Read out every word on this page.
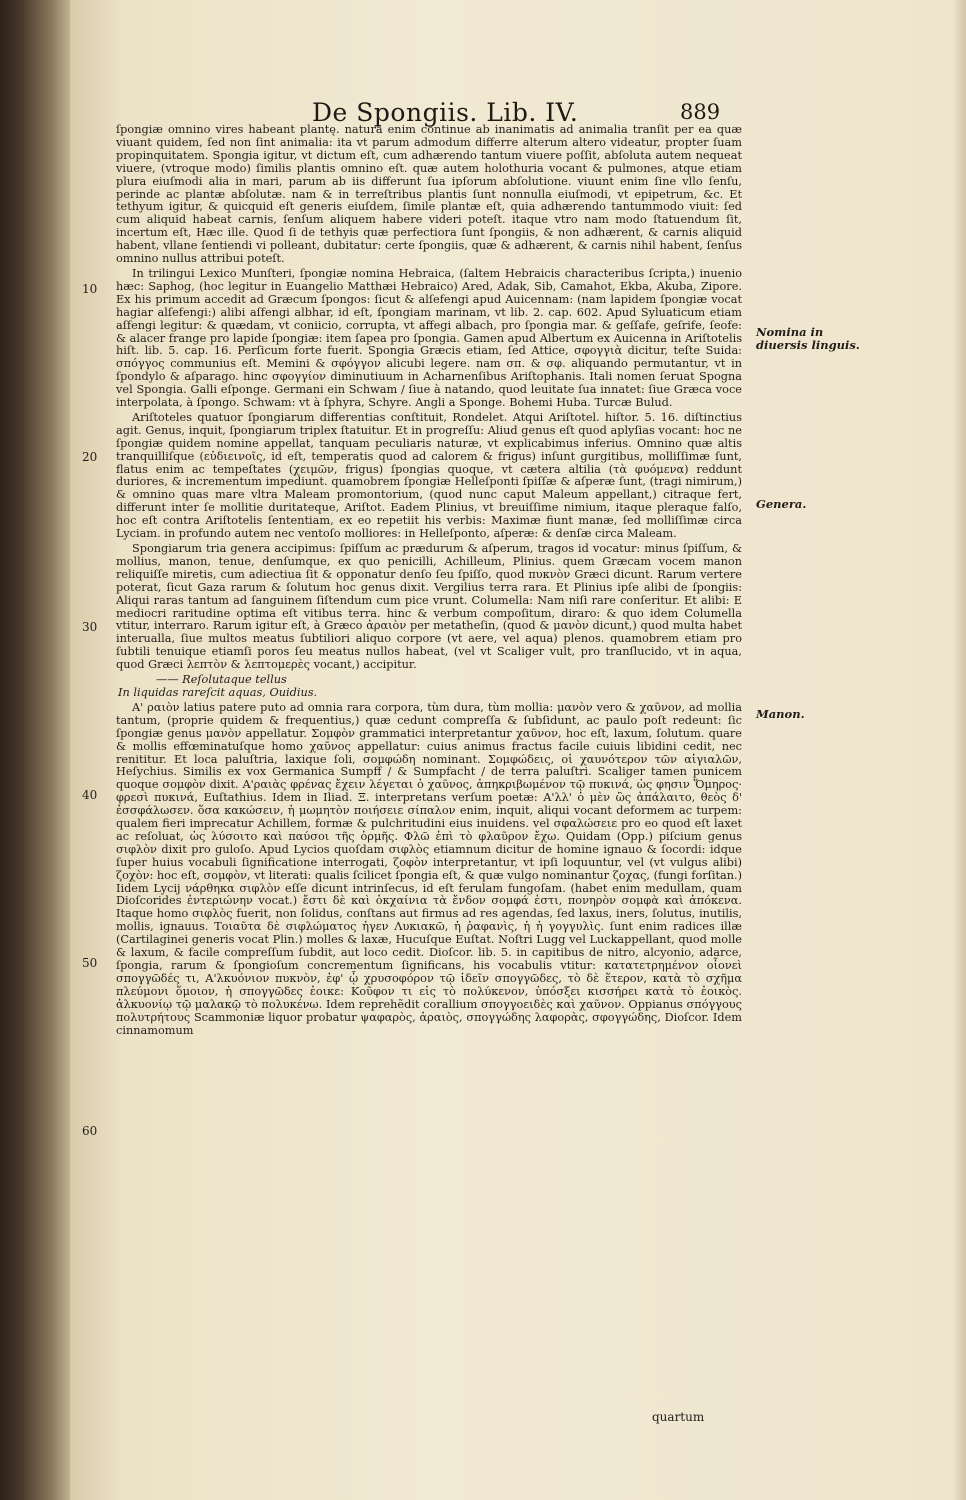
De Spongiis. Lib. IV.	889
10
20
30
40
50
60
Nomina in diuersis linguis.
Genera.
Manon.

ſpongiæ omnino vires habeant plantę. natura enim continue ab inanimatis ad animalia tranſit per ea quæ viuant quidem, ſed non ſint animalia: ita vt parum admodum differre alterum altero videatur, propter ſuam propinquitatem. Spongia igitur, vt dictum eſt, cum adhærendo tantum viuere poſſit, abſoluta autem nequeat viuere, (vtroque modo) ſimilis plantis omnino eſt. quæ autem holothuria vocant & pulmones, atque etiam plura eiuſmodi alia in mari, parum ab iis differunt ſua ipſorum abſolutione. viuunt enim ſine vllo ſenſu, perinde ac plantæ abſolutæ. nam & in terreſtribus plantis ſunt nonnulla eiuſmodi, vt epipetrum, &c. Et tethyum igitur, & quicquid eſt generis eiuſdem, ſimile plantæ eſt, quia adhærendo tantummodo viuit: ſed cum aliquid habeat carnis, ſenſum aliquem habere videri poteſt. itaque vtro nam modo ſtatuendum ſit, incertum eſt, Hæc ille. Quod ſi de tethyis quæ perfectiora ſunt ſpongiis, & non adhærent, & carnis aliquid habent, vllane ſentiendi vi polleant, dubitatur: certe ſpongiis, quæ & adhærent, & carnis nihil habent, ſenſus omnino nullus attribui poteſt.

In trilingui Lexico Munſteri, ſpongiæ nomina Hebraica, (ſaltem Hebraicis characteribus ſcripta,) inuenio hæc: Saphog, (hoc legitur in Euangelio Matthæi Hebraico) Ared, Adak, Sib, Camahot, Ekba, Akuba, Zipore. Ex his primum accedit ad Græcum ſpongos: ſicut & alſefengi apud Auicennam: (nam lapidem ſpongiæ vocat hagiar alſefengi:) alibi aſfengi albhar, id eſt, ſpongiam marinam, vt lib. 2. cap. 602. Apud Syluaticum etiam aſfengi legitur: & quædam, vt coniicio, corrupta, vt affegi albach, pro ſpongia mar. & geſſafe, geſrife, ſeofe: & alacer frange pro lapide ſpongiæ: item ſapea pro ſpongia. Gamen apud Albertum ex Auicenna in Ariſtotelis hiſt. lib. 5. cap. 16. Perſicum forte fuerit. Spongia Græcis etiam, ſed Attice, σφογγιὰ dicitur, teſte Suida: σπόγγος communius eſt. Memini & σφόγγον alicubi legere. nam σπ. & σφ. aliquando permutantur, vt in ſpondylo & aſparago. hinc σφογγίον diminutiuum in Acharnenſibus Ariſtophanis. Itali nomen ſeruat Spogna vel Spongia. Galli eſponge. Germani ein Schwam / ſiue à natando, quod leuitate ſua innatet: ſiue Græca voce interpolata, à ſpongo. Schwam: vt à ſphyra, Schyre. Angli a Sponge. Bohemi Huba. Turcæ Bulud.

Ariſtoteles quatuor ſpongiarum differentias conſtituit, Rondelet. Atqui Ariſtotel. hiſtor. 5. 16. diſtinctius agit. Genus, inquit, ſpongiarum triplex ſtatuitur. Et in progreſſu: Aliud genus eſt quod aplyſias vocant: hoc ne ſpongiæ quidem nomine appellat, tanquam peculiaris naturæ, vt explicabimus inferius. Omnino quæ altis tranquilliſque (εὐδιεινοῖς, id eſt, temperatis quod ad calorem & frigus) inſunt gurgitibus, molliſſimæ ſunt, flatus enim ac tempeſtates (χειμῶν, frigus) ſpongias quoque, vt cætera altilia (τὰ φυόμενα) reddunt duriores, & incrementum impediunt. quamobrem ſpongiæ Helleſponti ſpiſſæ & aſperæ ſunt, (tragi nimirum,) & omnino quas mare vltra Maleam promontorium, (quod nunc caput Maleum appellant,) citraque fert, differunt inter ſe mollitie duritateque, Ariſtot. Eadem Plinius, vt breuiſſime nimium, itaque pleraque falſo, hoc eſt contra Ariſtotelis ſententiam, ex eo repetiit his verbis: Maximæ fiunt manæ, ſed molliſſimæ circa Lyciam. in profundo autem nec ventoſo molliores: in Helleſponto, aſperæ: & denſæ circa Maleam.

Spongiarum tria genera accipimus: ſpiſſum ac prædurum & aſperum, tragos id vocatur: minus ſpiſſum, & mollius, manon, tenue, denſumque, ex quo penicilli, Achilleum, Plinius. quem Græcam vocem manon reliquiſſe miretis, cum adiectiua ſit & opponatur denſo ſeu ſpiſſo, quod πυκνὸν Græci dicunt. Rarum vertere poterat, ſicut Gaza rarum & ſolutum hoc genus dixit. Vergilius terra rara. Et Plinius ipſe alibi de ſpongiis: Aliqui raras tantum ad ſanguinem ſiſtendum cum pice vrunt. Columella: Nam niſi rare conſeritur. Et alibi: E mediocri raritudine optima eſt vitibus terra. hinc & verbum compoſitum, diraro: & quo idem Columella vtitur, interraro. Rarum igitur eſt, à Græco ἀραιὸν per metatheſin, (quod & μανὸν dicunt,) quod multa habet interualla, ſiue multos meatus ſubtiliori aliquo corpore (vt aere, vel aqua) plenos. quamobrem etiam pro ſubtili tenuique etiamſi poros ſeu meatus nullos habeat, (vel vt Scaliger vult, pro tranſlucido, vt in aqua, quod Græci λεπτὸν & λεπτομερὲς vocant,) accipitur.

—— Reſolutaque tellus

In liquidas rareſcit aquas, Ouidius.

Α' ραιὸν latius patere puto ad omnia rara corpora, tùm dura, tùm mollia: μανὸν vero & χαῦνον, ad mollia tantum, (proprie quidem & frequentius,) quæ cedunt compreſſa & ſubſidunt, ac paulo poſt redeunt: ſic ſpongiæ genus μανὸν appellatur. Σομφὸν grammatici interpretantur χαῦνον, hoc eſt, laxum, ſolutum. quare & mollis effœminatuſque homo χαῦνος appellatur: cuius animus fractus facile cuiuis libidini cedit, nec renititur. Et loca paluſtria, laxique ſoli, σομφώδη nominant. Σομφώδεις, οἱ χαυνότερον τῶν αἰγιαλῶν, Heſychius. Similis ex vox Germanica Sumpff / & Sumpfacht / de terra paluſtri. Scaliger tamen punicem quoque σομφὸν dixit. Α'ραιὰς φρένας ἔχειν λέγεται ὁ χαῦνος, ἀπηκριβωμένον τῷ πυκινά, ὡς φησιν Ὅμηρος· φρεσὶ πυκινά, Euſtathius. Idem in Iliad. Ξ. interpretans verſum poetæ: Α'λλ' ὁ μὲν ὣς ἀπάλαιτο, θεὸς δ' ἐσσφάλωσεν. ὅσα κακώσειν, ἡ μωμητὸν ποιήσειε σίπαλον enim, inquit, aliqui vocant deformem ac turpem: qualem fieri imprecatur Achillem, formæ & pulchritudini eius inuidens. vel σφαλώσειε pro eo quod eſt laxet ac reſoluat, ὡς λύσοιτο καὶ παύσοι τῆς ὁρμῆς. Φλῶ ἐπὶ τὸ φλαῦρον ἔχω. Quidam (Opp.) piſcium genus σιφλὸν dixit pro guloſo. Apud Lycios quoſdam σιφλὸς etiamnum dicitur de homine ignauo & ſocordi: idque ſuper huius vocabuli ſignificatione interrogati, ζοφὸν interpretantur, vt ipſi loquuntur, vel (vt vulgus alibi) ζοχὸν: hoc eſt, σομφὸν, vt literati: qualis ſcilicet ſpongia eſt, & quæ vulgo nominantur ζοχας, (fungi forſitan.) Iidem Lycij νάρθηκα σιφλὸν eſſe dicunt intrinſecus, id eſt ferulam fungoſam. (habet enim medullam, quam Dioſcorides ἐντεριώνην vocat.) ἔστι δὲ καὶ ὁκχαίνια τὰ ἔνδον σομφά ἐστι, πονηρὸν σομφὰ καὶ ἀπόκενα. Itaque homo σιφλὸς fuerit, non ſolidus, conſtans aut firmus ad res agendas, ſed laxus, iners, ſolutus, inutilis, mollis, ignauus. Τοιαῦτα δὲ σιφλώματος ἠγεν Λυκιακῶ, ἡ ῥαφανὶς, ἡ ἡ γογγυλὶς. ſunt enim radices illæ (Cartilaginei generis vocat Plin.) molles & laxæ, Hucuſque Euſtat. Noſtri Lugg vel Luckappellant, quod molle & laxum, & facile compreſſum ſubdit, aut loco cedit. Dioſcor. lib. 5. in capitibus de nitro, alcyonio, adarce, ſpongia, rarum & ſpongioſum concrementum ſignificans, his vocabulis vtitur: κατατετρημένον οἷονεὶ σπογγῶδές τι, Α'λκυόνιον πυκνὸν, ἐφ' ᾧ χρυσοφόρον τῷ ἰδεῖν σπογγῶδες, τὸ δὲ ἕτερον, κατὰ τὸ σχῆμα πλεύμονι ὅμοιον, ἡ σπογγῶδες ἐοικε: Κοῦφον τι εἰς τὸ πολύκενον, ὑπόσξει κισσήρει κατὰ τὸ ἐοικὸς. ἀλκυονίῳ τῷ μαλακῷ τὸ πολυκένω. Idem reprehẽdit corallium σπογγοειδὲς καὶ χαῦνον. Oppianus σπόγγους πολυτρήτους Scammoniæ liquor probatur ψαφαρὸς, ἀραιὸς, σπογγώδης λαφορὰς, σφογγώδης, Dioſcor. Idem cinnamomum

quartum
